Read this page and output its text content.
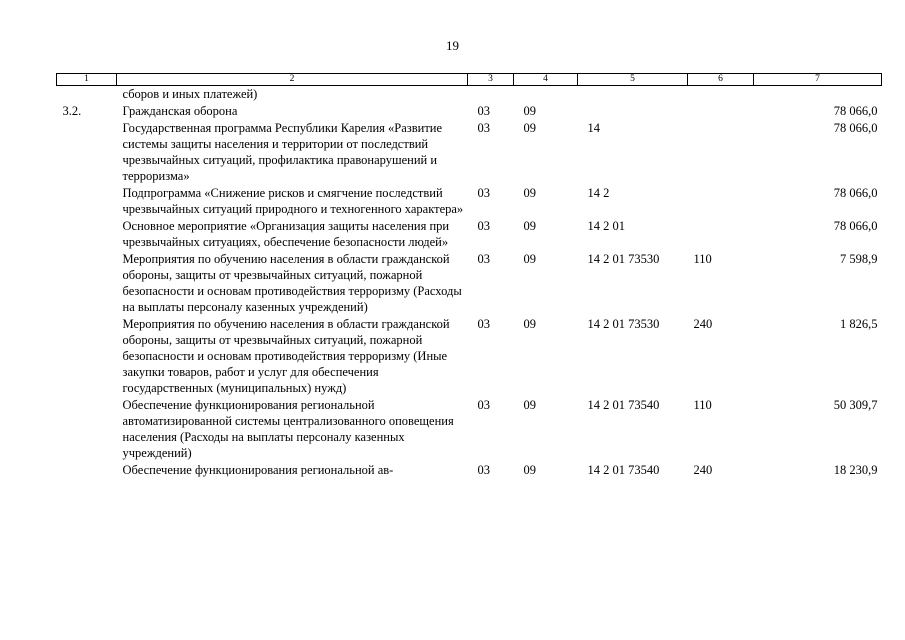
19
1	2	3	4	5	6	7
	сборов и иных платежей)					
3.2.	Гражданская оборона	03	09			78 066,0
	Государственная программа Республики Карелия «Развитие системы защиты населения и территории от последствий чрезвычайных ситуаций, профилактика правонарушений и терроризма»	03	09	14		78 066,0
	Подпрограмма «Снижение рисков и смягчение последствий чрезвычайных ситуаций природного и техногенного характера»	03	09	14 2		78 066,0
	Основное мероприятие «Организация защиты населения при чрезвычайных ситуациях, обеспечение безопасности людей»	03	09	14 2 01		78 066,0
	Мероприятия по обучению населения в области гражданской обороны, защиты от чрезвычайных ситуаций, пожарной безопасности и основам противодействия терроризму (Расходы на выплаты персоналу казенных учреждений)	03	09	14 2 01 73530	110	7 598,9
	Мероприятия по обучению населения в области гражданской обороны, защиты от чрезвычайных ситуаций, пожарной безопасности и основам противодействия терроризму (Иные закупки товаров, работ и услуг для обеспечения государственных (муниципальных) нужд)	03	09	14 2 01 73530	240	1 826,5
	Обеспечение функционирования региональной автоматизированной системы централизованного оповещения населения (Расходы на выплаты персоналу казенных учреждений)	03	09	14 2 01 73540	110	50 309,7
	Обеспечение функционирования региональной ав-	03	09	14 2 01 73540	240	18 230,9
